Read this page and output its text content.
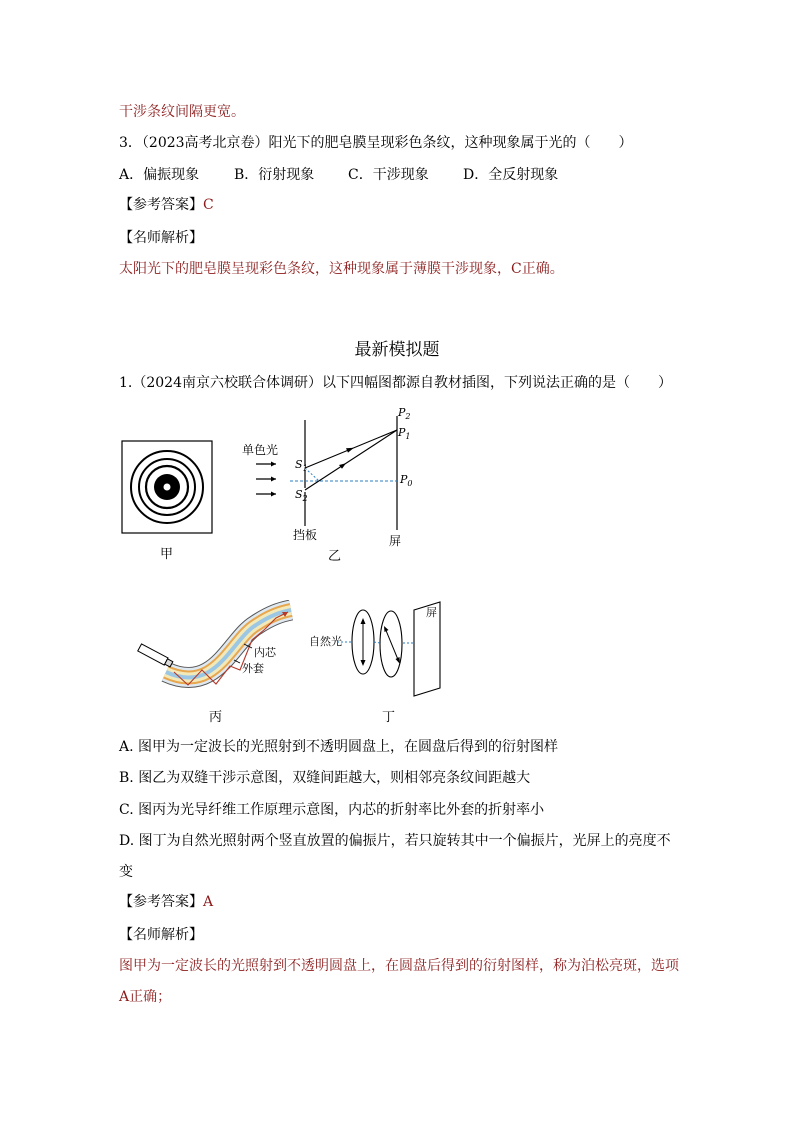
干涉条纹间隔更宽。
3．（2023高考北京卷）阳光下的肥皂膜呈现彩色条纹，这种现象属于光的（　　）
A．偏振现象 B．衍射现象 C．干涉现象 D．全反射现象
【参考答案】C
【名师解析】
太阳光下的肥皂膜呈现彩色条纹，这种现象属于薄膜干涉现象，C正确。
最新模拟题
1.（2024南京六校联合体调研）以下四幅图都源自教材插图，下列说法正确的是（　　）
甲
单色光
$S_1$
$S_2$
$P_2$
$P_1$
$P_0$
挡板	屏
乙
内芯
外套
丙
自然光
屏
丁
A. 图甲为一定波长的光照射到不透明圆盘上，在圆盘后得到的衍射图样
B. 图乙为双缝干涉示意图，双缝间距越大，则相邻亮条纹间距越大
C. 图丙为光导纤维工作原理示意图，内芯的折射率比外套的折射率小
D. 图丁为自然光照射两个竖直放置的偏振片，若只旋转其中一个偏振片，光屏上的亮度不
变
【参考答案】A
【名师解析】
图甲为一定波长的光照射到不透明圆盘上，在圆盘后得到的衍射图样，称为泊松亮斑，选项
A正确；
